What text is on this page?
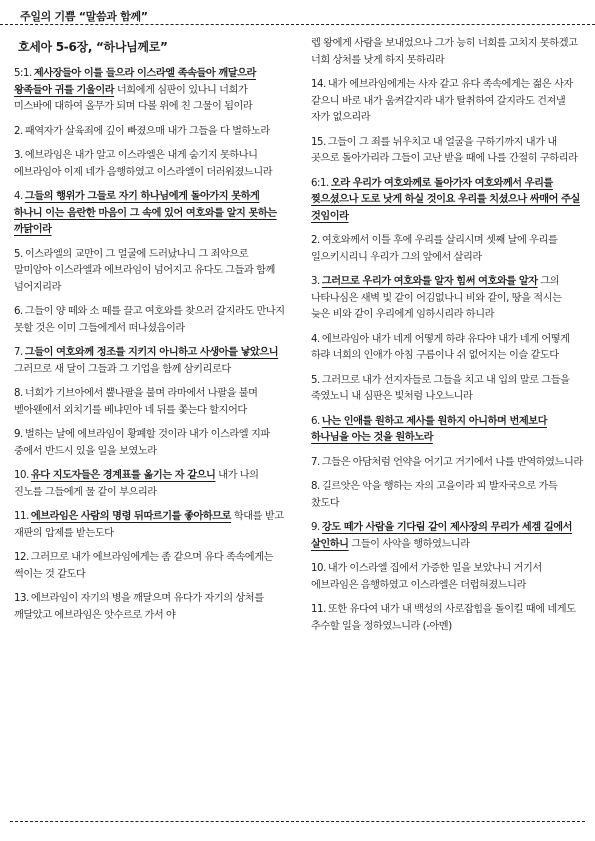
주일의 기쁨 “말씀과 함께”
호세아 5-6장, “하나님께로”
5:1. 제사장들아 이를 들으라 이스라엘 족속들아 깨달으라 왕족들아 귀를 기울이라 너희에게 심판이 있나니 너희가 미스바에 대하여 올무가 되며 다볼 위에 친 그물이 됨이라
2. 패역자가 살육죄에 깊이 빠졌으매 내가 그들을 다 벌하노라
3. 에브라임은 내가 알고 이스라엘은 내게 숨기지 못하나니 에브라임아 이제 네가 음행하였고 이스라엘이 더러워졌느니라
4. 그들의 행위가 그들로 자기 하나님에게 돌아가지 못하게 하나니 이는 음란한 마음이 그 속에 있어 여호와를 알지 못하는 까닭이라
5. 이스라엘의 교만이 그 얼굴에 드러났나니 그 죄악으로 말미암아 이스라엘과 에브라임이 넘어지고 유다도 그들과 함께 넘어지리라
6. 그들이 양 떼와 소 떼를 끌고 여호와를 찾으러 갈지라도 만나지 못할 것은 이미 그들에게서 떠나셨음이라
7. 그들이 여호와께 정조를 지키지 아니하고 사생아를 낳았으니 그러므로 새 달이 그들과 그 기업을 함께 삼키리로다
8. 너희가 기브아에서 뿔나팔을 불며 라마에서 나팔을 불며 벧아웬에서 외치기를 베냐민아 네 뒤를 쫓는다 할지어다
9. 벌하는 날에 에브라임이 황폐할 것이라 내가 이스라엘 지파 중에서 반드시 있을 일을 보였노라
10. 유다 지도자들은 경계표를 옮기는 자 같으니 내가 나의 진노를 그들에게 물 같이 부으리라
11. 에브라임은 사람의 명령 뒤따르기를 좋아하므로 학대를 받고 재판의 압제를 받는도다
12. 그러므로 내가 에브라임에게는 좀 같으며 유다 족속에게는 썩이는 것 같도다
13. 에브라임이 자기의 병을 깨달으며 유다가 자기의 상처를 깨달았고 에브라임은 앗수르로 가서 야
렙 왕에게 사람을 보내었으나 그가 능히 너희를 고치지 못하겠고 너희 상처를 낫게 하지 못하리라
14. 내가 에브라임에게는 사자 같고 유다 족속에게는 젊은 사자 같으니 바로 내가 움켜갈지라 내가 탈취하여 갈지라도 건져낼 자가 없으리라
15. 그들이 그 죄를 뉘우치고 내 얼굴을 구하기까지 내가 내 곳으로 돌아가리라 그들이 고난 받을 때에 나를 간절히 구하리라
6:1. 오라 우리가 여호와께로 돌아가자 여호와께서 우리를 찢으셨으나 도로 낫게 하실 것이요 우리를 치셨으나 싸매어 주실 것임이라
2. 여호와께서 이틀 후에 우리를 살리시며 셋째 날에 우리를 일으키시리니 우리가 그의 앞에서 살리라
3. 그러므로 우리가 여호와를 알자 힘써 여호와를 알자 그의 나타나심은 새벽 빛 같이 어김없나니 비와 같이, 땅을 적시는 늦은 비와 같이 우리에게 임하시리라 하니라
4. 에브라임아 내가 네게 어떻게 하랴 유다야 내가 네게 어떻게 하랴 너희의 인애가 아침 구름이나 쉬 없어지는 이슬 같도다
5. 그러므로 내가 선지자들로 그들을 치고 내 입의 말로 그들을 죽였노니 내 심판은 빛처럼 나오느니라
6. 나는 인애를 원하고 제사를 원하지 아니하며 번제보다 하나님을 아는 것을 원하노라
7. 그들은 아담처럼 언약을 어기고 거기에서 나를 반역하였느니라
8. 길르앗은 악을 행하는 자의 고을이라 피 발자국으로 가득 찼도다
9. 강도 떼가 사람을 기다림 같이 제사장의 무리가 세겜 길에서 살인하니 그들이 사악을 행하였느니라
10. 내가 이스라엘 집에서 가증한 일을 보았나니 거기서 에브라임은 음행하였고 이스라엘은 더럽혀졌느니라
11. 또한 유다여 내가 내 백성의 사로잡힘을 돌이킬 때에 네게도 추수할 일을 정하였느니라 (-아멘)
